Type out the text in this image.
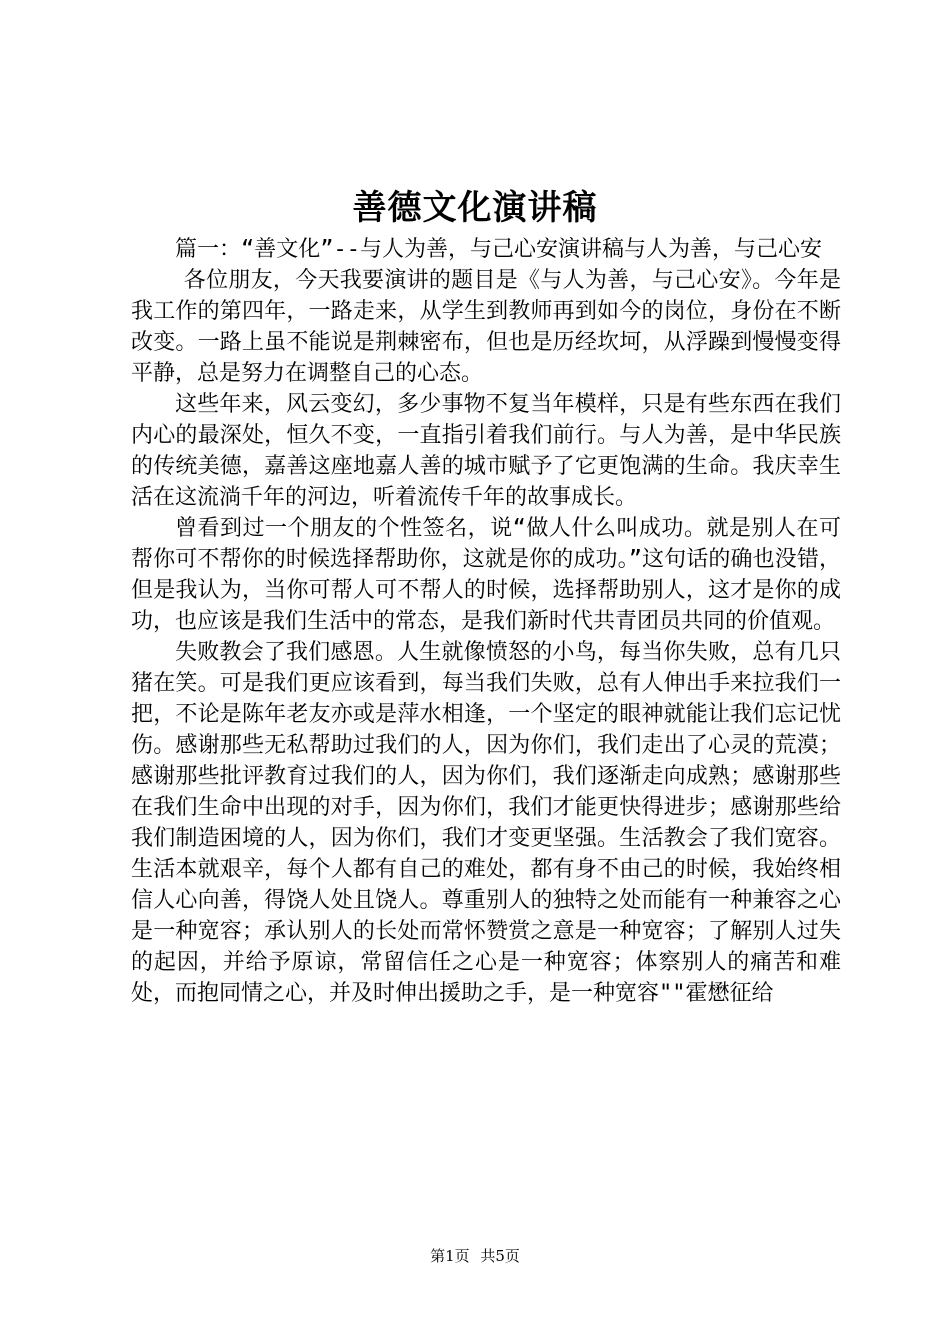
善德文化演讲稿

篇一：“善文化”--与人为善，与己心安演讲稿与人为善，与己心安

各位朋友，今天我要演讲的题目是《与人为善，与己心安》。今年是我工作的第四年，一路走来，从学生到教师再到如今的岗位，身份在不断改变。一路上虽不能说是荆棘密布，但也是历经坎坷，从浮躁到慢慢变得平静，总是努力在调整自己的心态。

这些年来，风云变幻，多少事物不复当年模样，只是有些东西在我们内心的最深处，恒久不变，一直指引着我们前行。与人为善，是中华民族的传统美德，嘉善这座地嘉人善的城市赋予了它更饱满的生命。我庆幸生活在这流淌千年的河边，听着流传千年的故事成长。

曾看到过一个朋友的个性签名，说“做人什么叫成功。就是别人在可帮你可不帮你的时候选择帮助你，这就是你的成功。”这句话的确也没错，但是我认为，当你可帮人可不帮人的时候，选择帮助别人，这才是你的成功，也应该是我们生活中的常态，是我们新时代共青团员共同的价值观。

失败教会了我们感恩。人生就像愤怒的小鸟，每当你失败，总有几只猪在笑。可是我们更应该看到，每当我们失败，总有人伸出手来拉我们一把，不论是陈年老友亦或是萍水相逢，一个坚定的眼神就能让我们忘记忧伤。感谢那些无私帮助过我们的人，因为你们，我们走出了心灵的荒漠；感谢那些批评教育过我们的人，因为你们，我们逐渐走向成熟；感谢那些在我们生命中出现的对手，因为你们，我们才能更快得进步；感谢那些给我们制造困境的人，因为你们，我们才变更坚强。生活教会了我们宽容。生活本就艰辛，每个人都有自己的难处，都有身不由己的时候，我始终相信人心向善，得饶人处且饶人。尊重别人的独特之处而能有一种兼容之心是一种宽容；承认别人的长处而常怀赞赏之意是一种宽容；了解别人过失的起因，并给予原谅，常留信任之心是一种宽容；体察别人的痛苦和难处，而抱同情之心，并及时伸出援助之手，是一种宽容""霍懋征给

第1页 共5页
